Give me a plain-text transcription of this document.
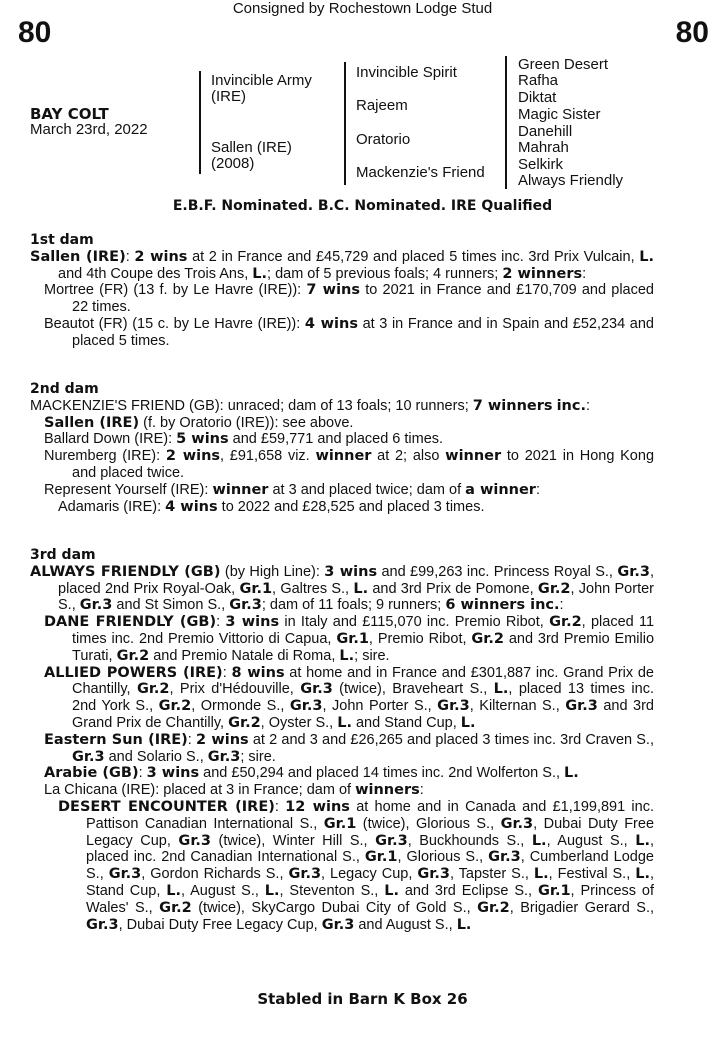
Consigned by Rochestown Lodge Stud
80	80
BAY COLT
March 23rd, 2022
Invincible Army (IRE)
Sallen (IRE) (2008)
Invincible Spirit
Rajeem
Oratorio
Mackenzie's Friend
Green Desert
Rafha
Diktat
Magic Sister
Danehill
Mahrah
Selkirk
Always Friendly
E.B.F. Nominated. B.C. Nominated. IRE Qualified
1st dam

Sallen (IRE): 2 wins at 2 in France and £45,729 and placed 5 times inc. 3rd Prix Vulcain, L. and 4th Coupe des Trois Ans, L.; dam of 5 previous foals; 4 runners; 2 winners:

Mortree (FR) (13 f. by Le Havre (IRE)): 7 wins to 2021 in France and £170,709 and placed 22 times.

Beautot (FR) (15 c. by Le Havre (IRE)): 4 wins at 3 in France and in Spain and £52,234 and placed 5 times.

2nd dam

MACKENZIE'S FRIEND (GB): unraced; dam of 13 foals; 10 runners; 7 winners inc.:

Sallen (IRE) (f. by Oratorio (IRE)): see above.

Ballard Down (IRE): 5 wins and £59,771 and placed 6 times.

Nuremberg (IRE): 2 wins, £91,658 viz. winner at 2; also winner to 2021 in Hong Kong and placed twice.

Represent Yourself (IRE): winner at 3 and placed twice; dam of a winner:

Adamaris (IRE): 4 wins to 2022 and £28,525 and placed 3 times.

3rd dam

ALWAYS FRIENDLY (GB) (by High Line): 3 wins and £99,263 inc. Princess Royal S., Gr.3, placed 2nd Prix Royal-Oak, Gr.1, Galtres S., L. and 3rd Prix de Pomone, Gr.2, John Porter S., Gr.3 and St Simon S., Gr.3; dam of 11 foals; 9 runners; 6 winners inc.:

DANE FRIENDLY (GB): 3 wins in Italy and £115,070 inc. Premio Ribot, Gr.2, placed 11 times inc. 2nd Premio Vittorio di Capua, Gr.1, Premio Ribot, Gr.2 and 3rd Premio Emilio Turati, Gr.2 and Premio Natale di Roma, L.; sire.

ALLIED POWERS (IRE): 8 wins at home and in France and £301,887 inc. Grand Prix de Chantilly, Gr.2, Prix d'Hédouville, Gr.3 (twice), Braveheart S., L., placed 13 times inc. 2nd York S., Gr.2, Ormonde S., Gr.3, John Porter S., Gr.3, Kilternan S., Gr.3 and 3rd Grand Prix de Chantilly, Gr.2, Oyster S., L. and Stand Cup, L.

Eastern Sun (IRE): 2 wins at 2 and 3 and £26,265 and placed 3 times inc. 3rd Craven S., Gr.3 and Solario S., Gr.3; sire.

Arabie (GB): 3 wins and £50,294 and placed 14 times inc. 2nd Wolferton S., L.

La Chicana (IRE): placed at 3 in France; dam of winners:

DESERT ENCOUNTER (IRE): 12 wins at home and in Canada and £1,199,891 inc. Pattison Canadian International S., Gr.1 (twice), Glorious S., Gr.3, Dubai Duty Free Legacy Cup, Gr.3 (twice), Winter Hill S., Gr.3, Buckhounds S., L., August S., L., placed inc. 2nd Canadian International S., Gr.1, Glorious S., Gr.3, Cumberland Lodge S., Gr.3, Gordon Richards S., Gr.3, Legacy Cup, Gr.3, Tapster S., L., Festival S., L., Stand Cup, L., August S., L., Steventon S., L. and 3rd Eclipse S., Gr.1, Princess of Wales' S., Gr.2 (twice), SkyCargo Dubai City of Gold S., Gr.2, Brigadier Gerard S., Gr.3, Dubai Duty Free Legacy Cup, Gr.3 and August S., L.

Stabled in Barn K Box 26
